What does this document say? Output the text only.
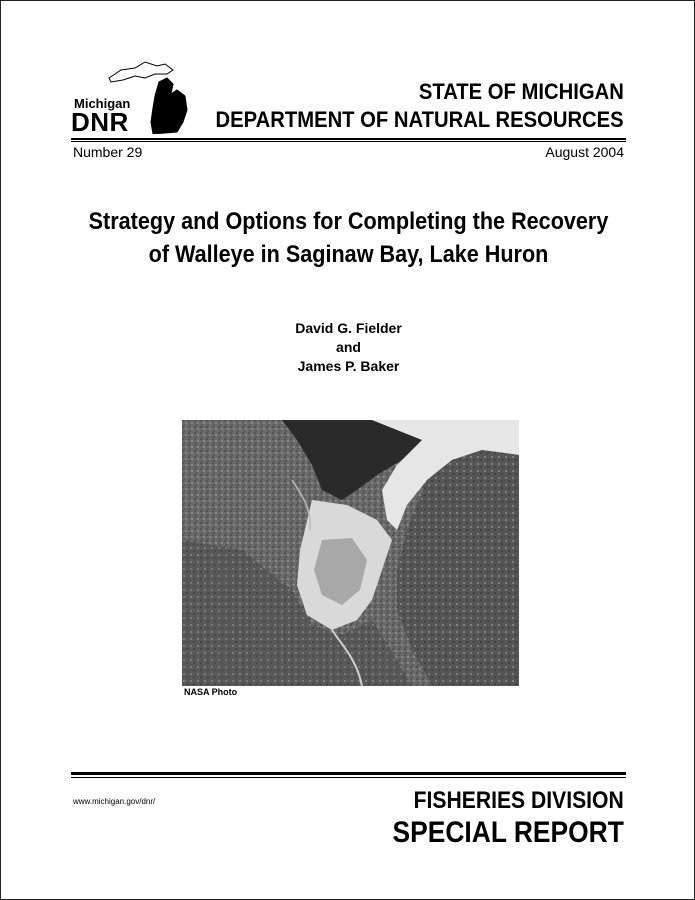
Michigan
DNR
STATE OF MICHIGAN
DEPARTMENT OF NATURAL RESOURCES
Number 29	August 2004
Strategy and Options for Completing the Recovery
of Walleye in Saginaw Bay, Lake Huron
David G. Fielder
and
James P. Baker
NASA Photo
www.michigan.gov/dnr/	FISHERIES DIVISION
SPECIAL REPORT
